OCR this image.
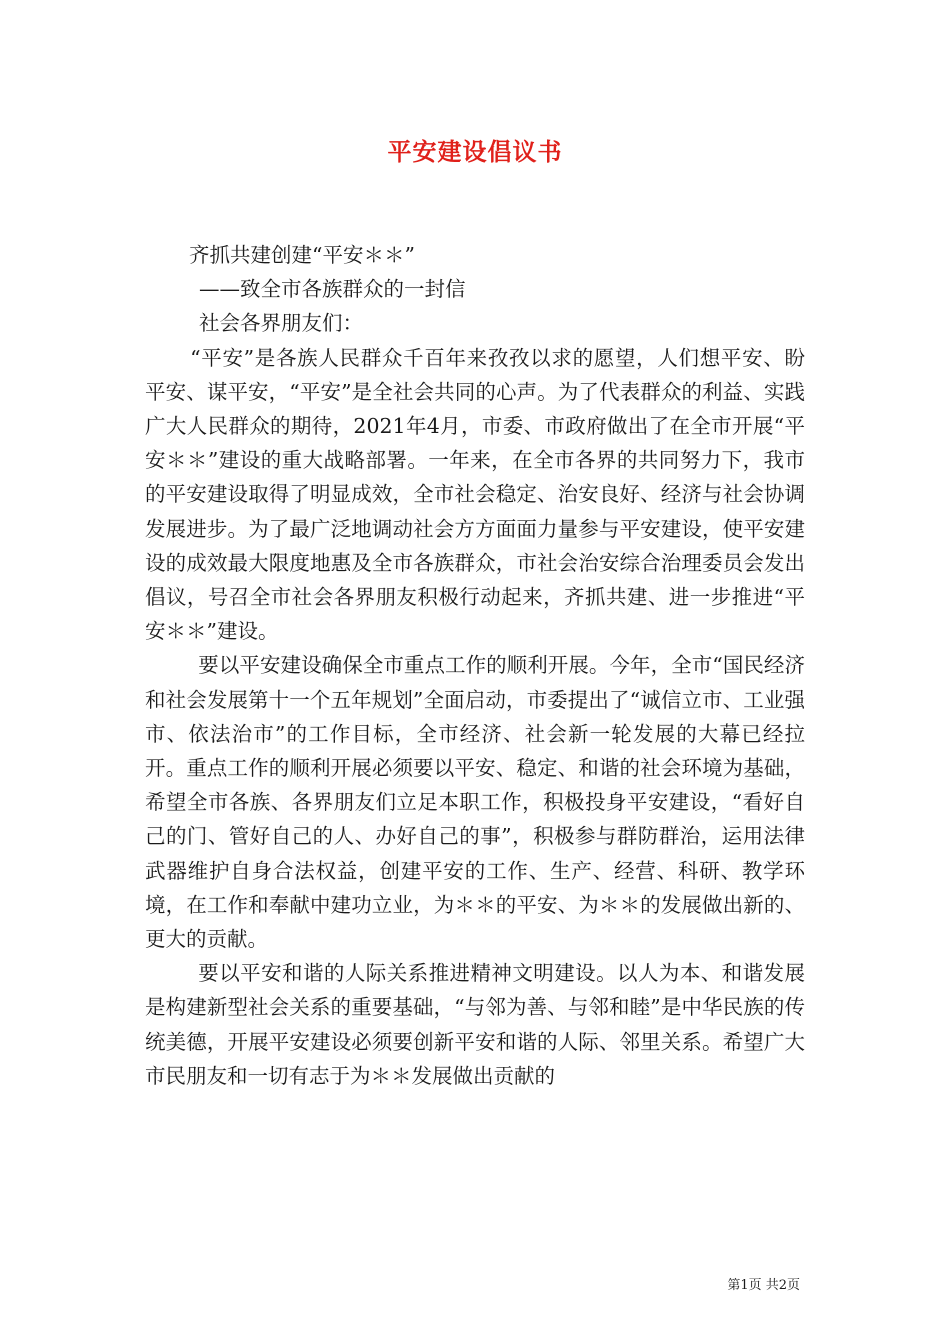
平安建设倡议书

齐抓共建创建“平安＊＊”

——致全市各族群众的一封信

社会各界朋友们：

“平安”是各族人民群众千百年来孜孜以求的愿望，人们想平安、盼平安、谋平安，“平安”是全社会共同的心声。为了代表群众的利益、实践广大人民群众的期待，2021年4月，市委、市政府做出了在全市开展“平安＊＊”建设的重大战略部署。一年来，在全市各界的共同努力下，我市的平安建设取得了明显成效，全市社会稳定、治安良好、经济与社会协调发展进步。为了最广泛地调动社会方方面面力量参与平安建设，使平安建设的成效最大限度地惠及全市各族群众，市社会治安综合治理委员会发出倡议，号召全市社会各界朋友积极行动起来，齐抓共建、进一步推进“平安＊＊”建设。

要以平安建设确保全市重点工作的顺利开展。今年，全市“国民经济和社会发展第十一个五年规划”全面启动，市委提出了“诚信立市、工业强市、依法治市”的工作目标，全市经济、社会新一轮发展的大幕已经拉开。重点工作的顺利开展必须要以平安、稳定、和谐的社会环境为基础，希望全市各族、各界朋友们立足本职工作，积极投身平安建设，“看好自己的门、管好自己的人、办好自己的事”，积极参与群防群治，运用法律武器维护自身合法权益，创建平安的工作、生产、经营、科研、教学环境，在工作和奉献中建功立业，为＊＊的平安、为＊＊的发展做出新的、更大的贡献。

要以平安和谐的人际关系推进精神文明建设。以人为本、和谐发展是构建新型社会关系的重要基础，“与邻为善、与邻和睦”是中华民族的传统美德，开展平安建设必须要创新平安和谐的人际、邻里关系。希望广大市民朋友和一切有志于为＊＊发展做出贡献的

第1页 共2页
